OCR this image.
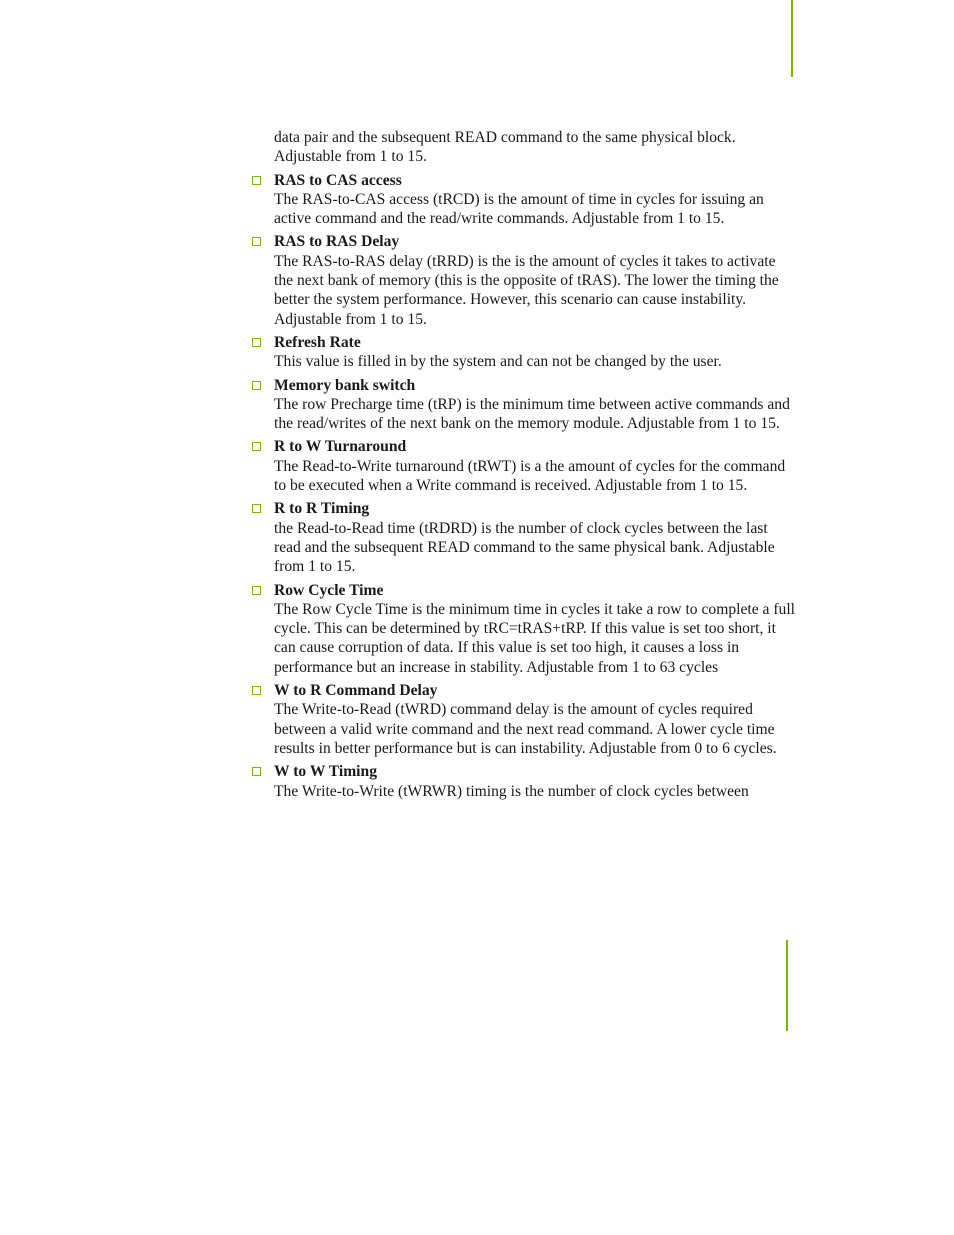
data pair and the subsequent READ command to the same physical block. Adjustable from 1 to 15.

RAS to CAS access
The RAS-to-CAS access (tRCD) is the amount of time in cycles for issuing an active command and the read/write commands. Adjustable from 1 to 15.
RAS to RAS Delay
The RAS-to-RAS delay (tRRD) is the is the amount of cycles it takes to activate the next bank of memory (this is the opposite of tRAS). The lower the timing the better the system performance. However, this scenario can cause instability. Adjustable from 1 to 15.
Refresh Rate
This value is filled in by the system and can not be changed by the user.
Memory bank switch
The row Precharge time (tRP) is the minimum time between active commands and the read/writes of the next bank on the memory module. Adjustable from 1 to 15.
R to W Turnaround
The Read-to-Write turnaround (tRWT) is a the amount of cycles for the command to be executed when a Write command is received. Adjustable from 1 to 15.
R to R Timing
the Read-to-Read time (tRDRD) is the number of clock cycles between the last read and the subsequent READ command to the same physical bank. Adjustable from 1 to 15.
Row Cycle Time
The Row Cycle Time is the minimum time in cycles it take a row to complete a full cycle. This can be determined by tRC=tRAS+tRP. If this value is set too short, it can cause corruption of data. If this value is set too high, it causes a loss in performance but an increase in stability. Adjustable from 1 to 63 cycles
W to R Command Delay
The Write-to-Read (tWRD) command delay is the amount of cycles required between a valid write command and the next read command. A lower cycle time results in better performance but is can instability. Adjustable from 0 to 6 cycles.
W to W Timing
The Write-to-Write (tWRWR) timing is the number of clock cycles between
